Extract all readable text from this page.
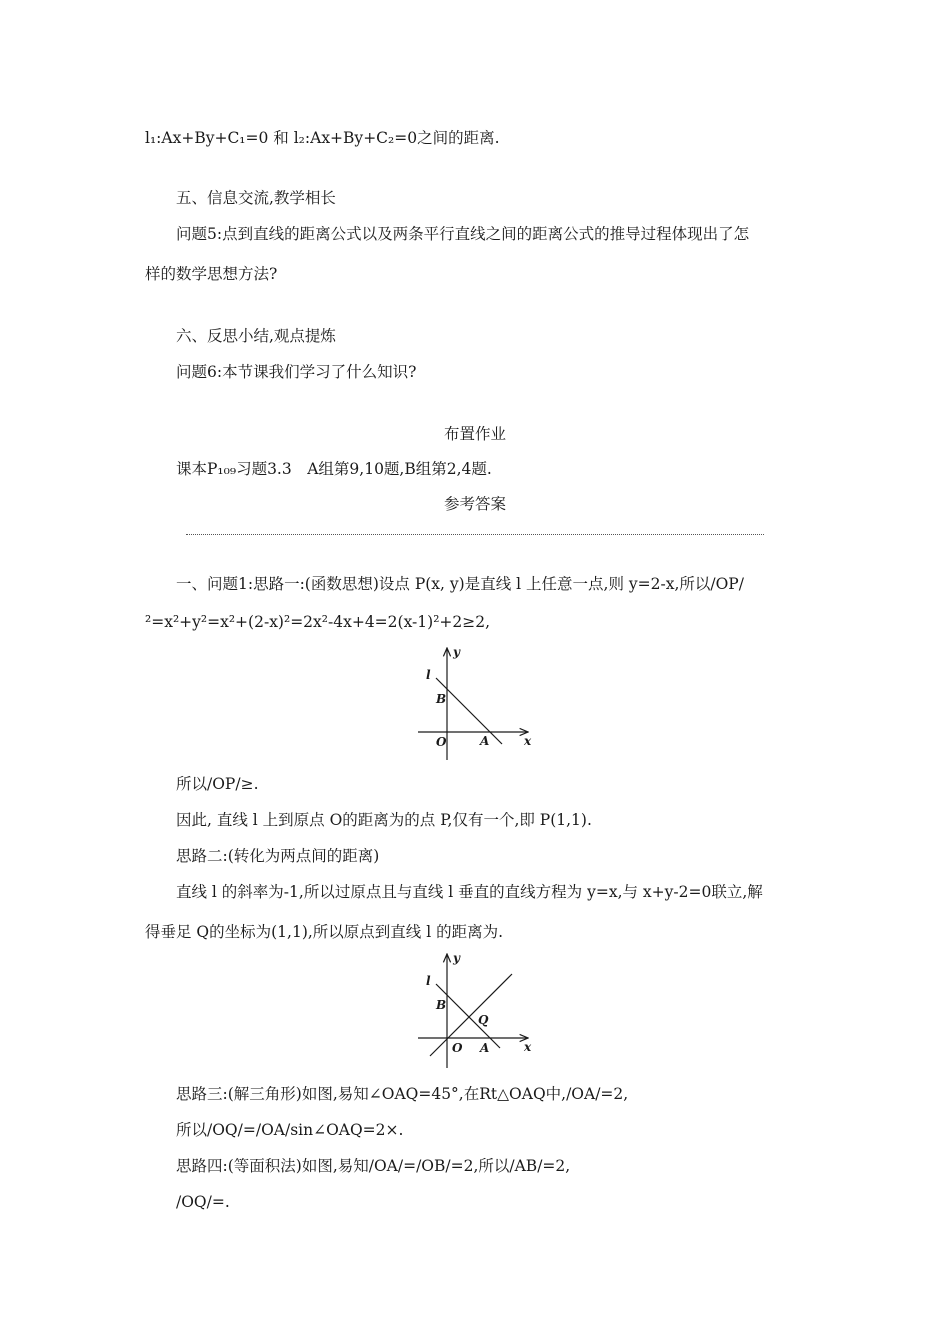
l₁:Ax+By+C₁=0 和 l₂:Ax+By+C₂=0之间的距离.
五、信息交流,教学相长
问题5:点到直线的距离公式以及两条平行直线之间的距离公式的推导过程体现出了怎
样的数学思想方法?
六、反思小结,观点提炼
问题6:本节课我们学习了什么知识?
布置作业
课本P₁₀₉习题3.3　A组第9,10题,B组第2,4题.
参考答案
一、问题1:思路一:(函数思想)设点 P(x, y)是直线 l 上任意一点,则 y=2-x,所以/OP/
²=x²+y²=x²+(2-x)²=2x²-4x+4=2(x-1)²+2≥2,
l
y
B
O	A	x
所以/OP/≥.
因此, 直线 l 上到原点 O的距离为的点 P,仅有一个,即 P(1,1).
思路二:(转化为两点间的距离)
直线 l 的斜率为-1,所以过原点且与直线 l 垂直的直线方程为 y=x,与 x+y-2=0联立,解
得垂足 Q的坐标为(1,1),所以原点到直线 l 的距离为.
l
y
B
Q
O A	x
思路三:(解三角形)如图,易知∠OAQ=45°,在Rt△OAQ中,/OA/=2,
所以/OQ/=/OA/sin∠OAQ=2×.
思路四:(等面积法)如图,易知/OA/=/OB/=2,所以/AB/=2,
/OQ/=.
